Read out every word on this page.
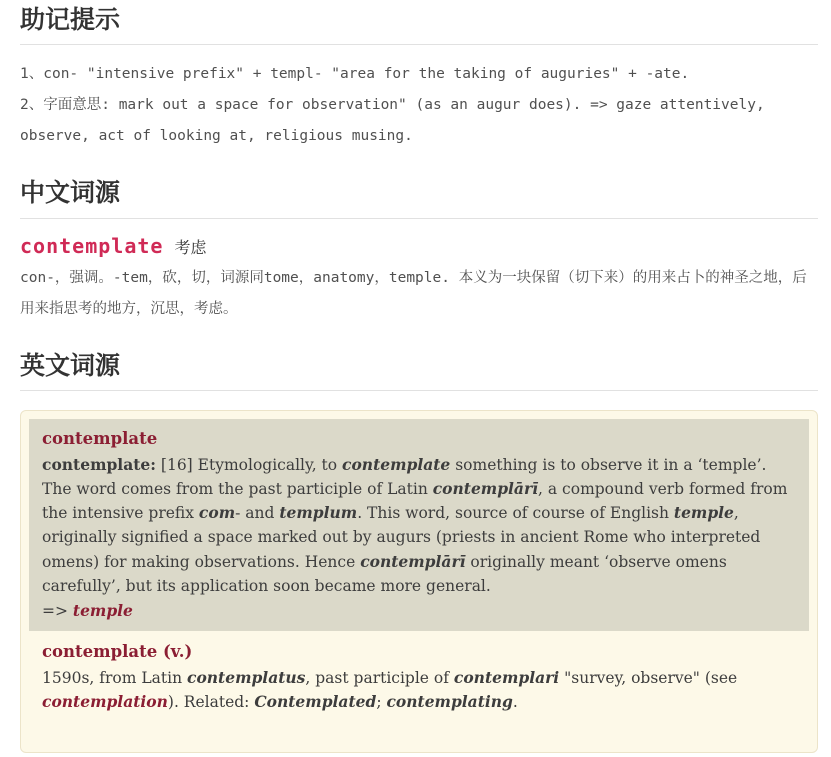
助记提示

1、con- "intensive prefix" + templ- "area for the taking of auguries" + -ate.

2、字面意思: mark out a space for observation" (as an augur does). => gaze attentively, observe, act of looking at, religious musing.

中文词源
contemplate 考虑

con-，强调。-tem，砍，切，词源同tome，anatomy，temple. 本义为一块保留（切下来）的用来占卜的神圣之地，后用来指思考的地方，沉思，考虑。

英文词源

contemplate

contemplate: [16] Etymologically, to contemplate something is to observe it in a ‘temple’. The word comes from the past participle of Latin contemplārī, a compound verb formed from the intensive prefix com- and templum. This word, source of course of English temple, originally signified a space marked out by augurs (priests in ancient Rome who interpreted omens) for making observations. Hence contemplārī originally meant ‘observe omens carefully’, but its application soon became more general.

=> temple

contemplate (v.)

1590s, from Latin contemplatus, past participle of contemplari "survey, observe" (see contemplation). Related: Contemplated; contemplating.
